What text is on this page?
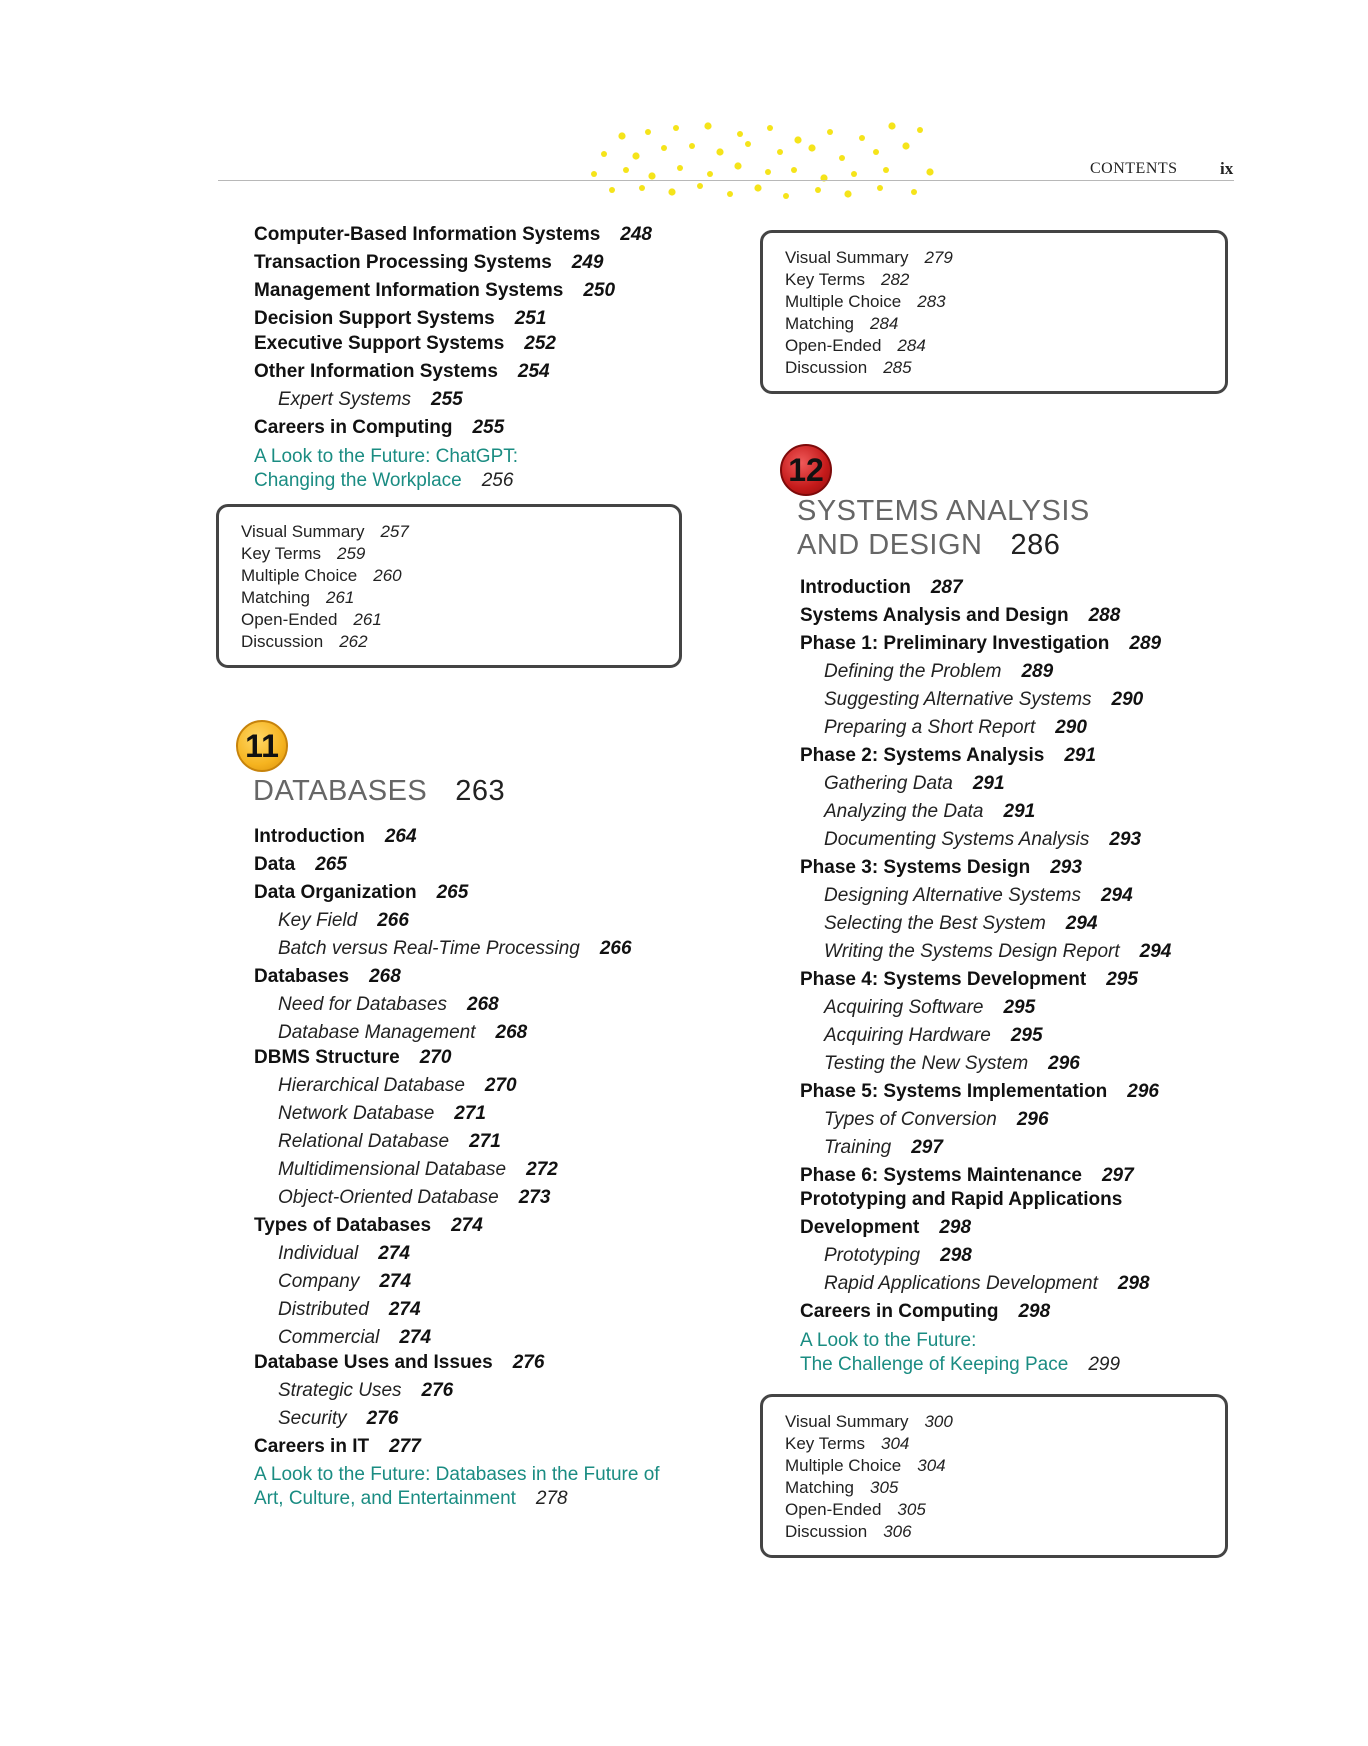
CONTENTS ix
Computer-Based Information Systems 248
Transaction Processing Systems 249
Management Information Systems 250
Decision Support Systems 251
Executive Support Systems 252
Other Information Systems 254
Expert Systems 255
Careers in Computing 255
A Look to the Future: ChatGPT:
Changing the Workplace 256
Visual Summary 257
Key Terms 259
Multiple Choice 260
Matching 261
Open-Ended 261
Discussion 262
11
DATABASES 263
Introduction 264
Data 265
Data Organization 265
Key Field 266
Batch versus Real-Time Processing 266
Databases 268
Need for Databases 268
Database Management 268
DBMS Structure 270
Hierarchical Database 270
Network Database 271
Relational Database 271
Multidimensional Database 272
Object-Oriented Database 273
Types of Databases 274
Individual 274
Company 274
Distributed 274
Commercial 274
Database Uses and Issues 276
Strategic Uses 276
Security 276
Careers in IT 277
A Look to the Future: Databases in the Future of
Art, Culture, and Entertainment 278
Visual Summary 279
Key Terms 282
Multiple Choice 283
Matching 284
Open-Ended 284
Discussion 285
12
SYSTEMS ANALYSIS
AND DESIGN 286
Introduction 287
Systems Analysis and Design 288
Phase 1: Preliminary Investigation 289
Defining the Problem 289
Suggesting Alternative Systems 290
Preparing a Short Report 290
Phase 2: Systems Analysis 291
Gathering Data 291
Analyzing the Data 291
Documenting Systems Analysis 293
Phase 3: Systems Design 293
Designing Alternative Systems 294
Selecting the Best System 294
Writing the Systems Design Report 294
Phase 4: Systems Development 295
Acquiring Software 295
Acquiring Hardware 295
Testing the New System 296
Phase 5: Systems Implementation 296
Types of Conversion 296
Training 297
Phase 6: Systems Maintenance 297
Prototyping and Rapid Applications
Development 298
Prototyping 298
Rapid Applications Development 298
Careers in Computing 298
A Look to the Future:
The Challenge of Keeping Pace 299
Visual Summary 300
Key Terms 304
Multiple Choice 304
Matching 305
Open-Ended 305
Discussion 306
